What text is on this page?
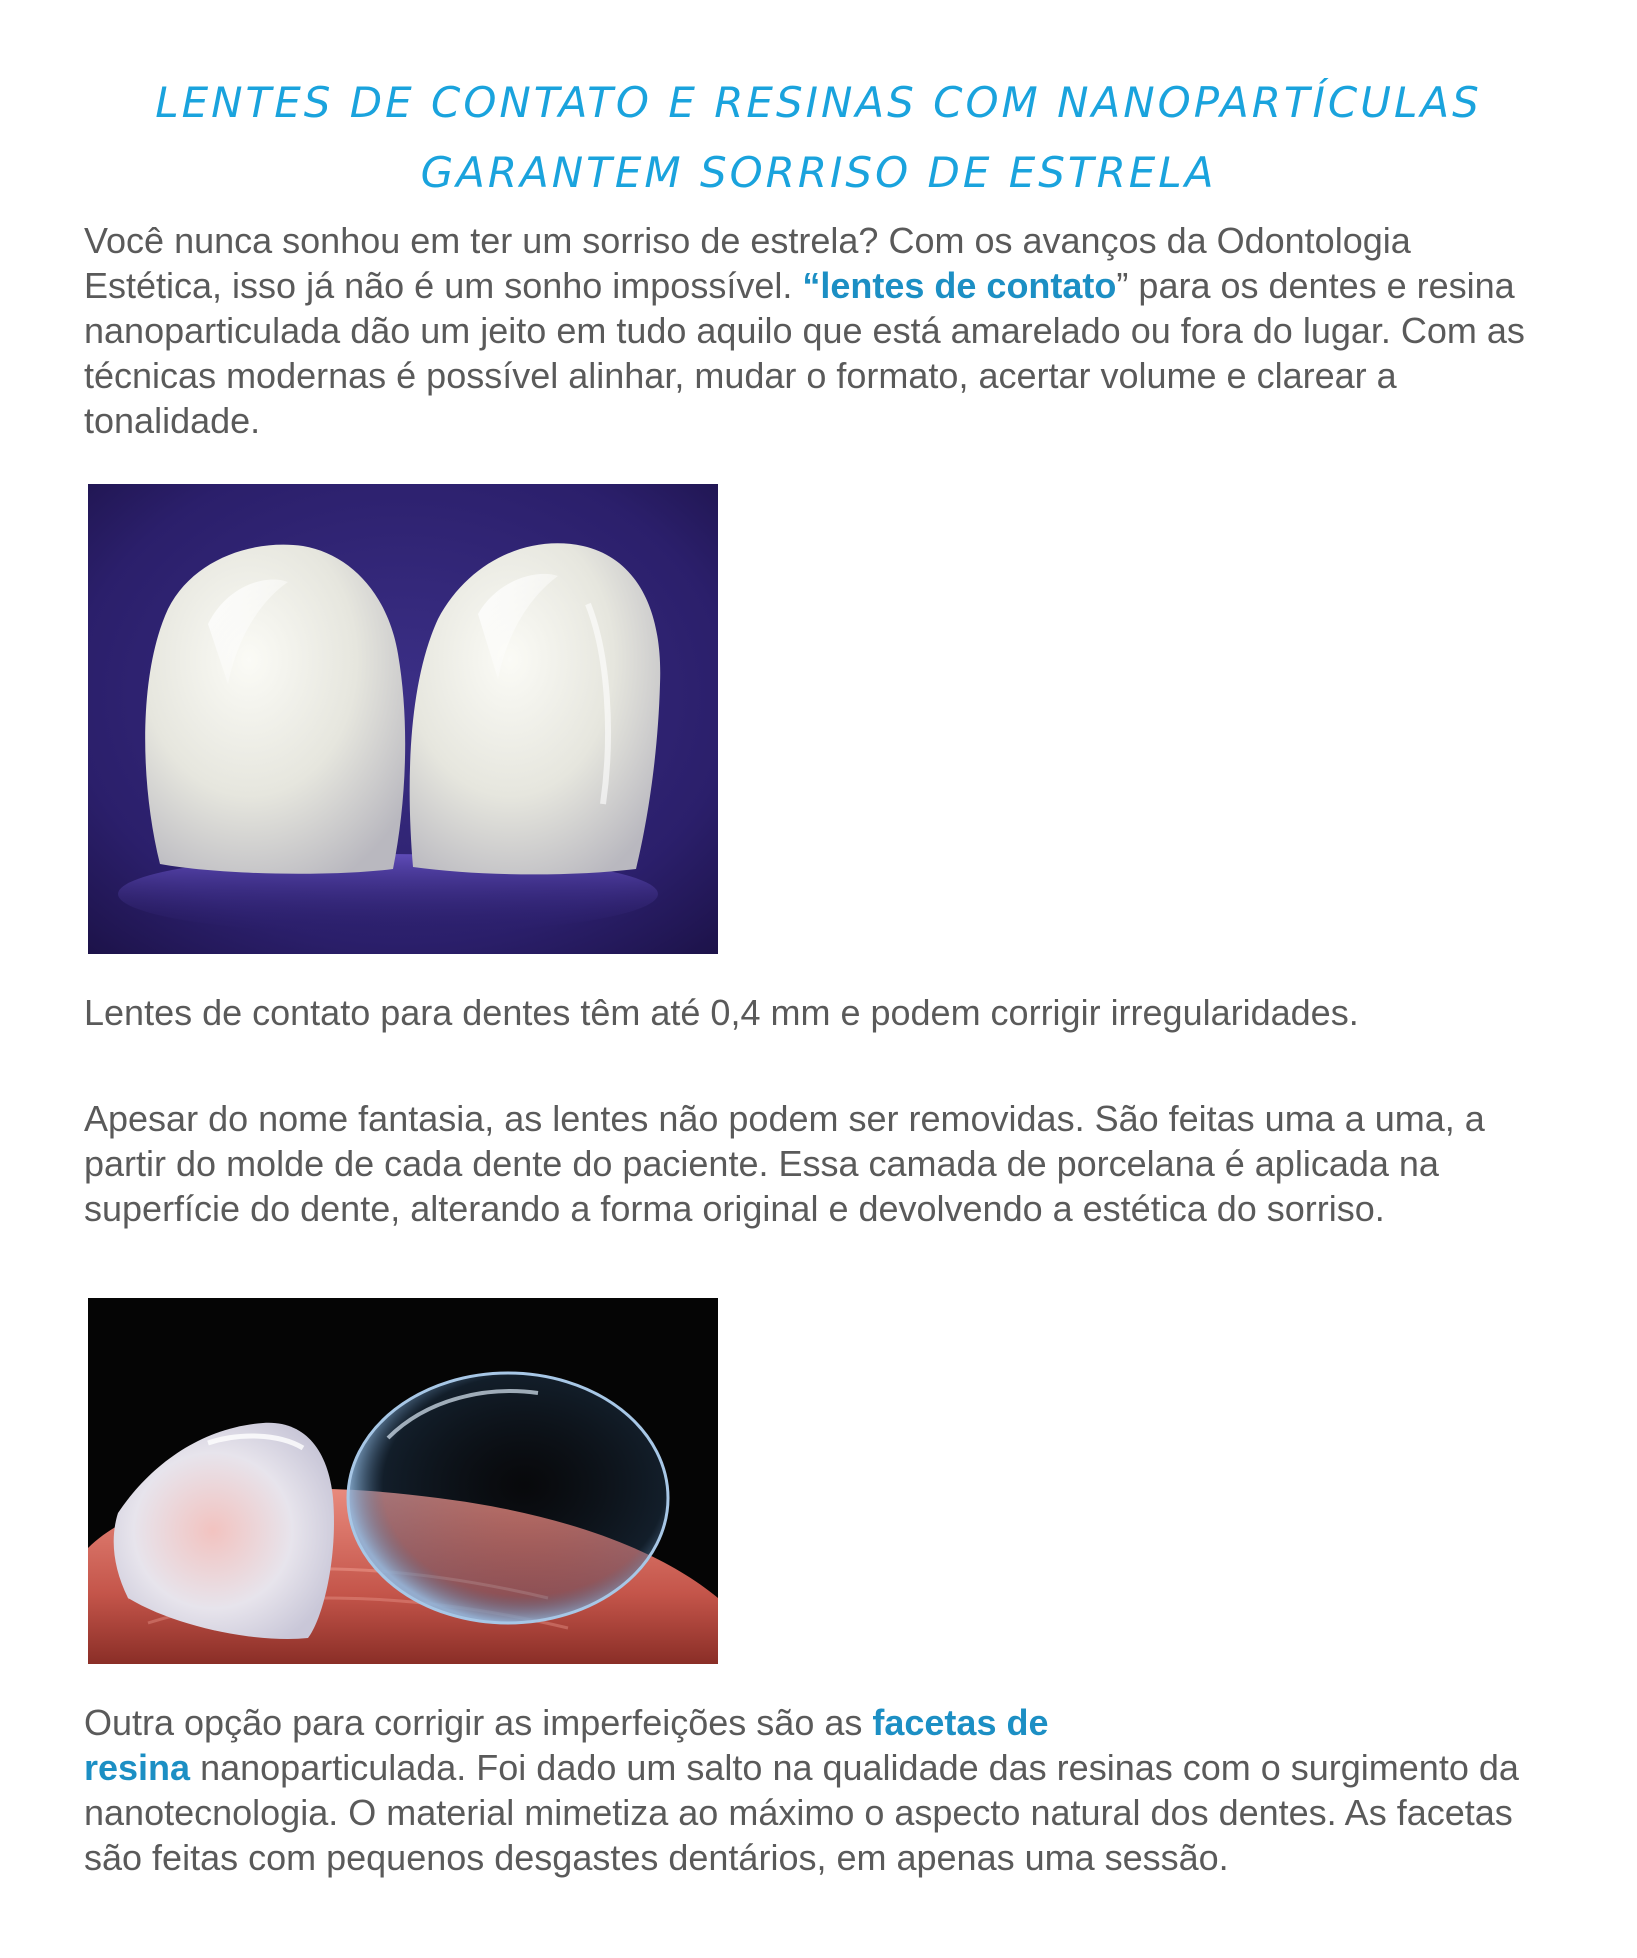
LENTES DE CONTATO E RESINAS COM NANOPARTÍCULAS
GARANTEM SORRISO DE ESTRELA

Você nunca sonhou em ter um sorriso de estrela? Com os avanços da Odontologia Estética, isso já não é um sonho impossível. “lentes de contato” para os dentes e resina nanoparticulada dão um jeito em tudo aquilo que está amarelado ou fora do lugar. Com as técnicas modernas é possível alinhar, mudar o formato, acertar volume e clarear a tonalidade.

Lentes de contato para dentes têm até 0,4 mm e podem corrigir irregularidades.

Apesar do nome fantasia, as lentes não podem ser removidas. São feitas uma a uma, a partir do molde de cada dente do paciente. Essa camada de porcelana é aplicada na superfície do dente, alterando a forma original e devolvendo a estética do sorriso.

Outra opção para corrigir as imperfeições são as facetas de
resina nanoparticulada. Foi dado um salto na qualidade das resinas com o surgimento da nanotecnologia. O material mimetiza ao máximo o aspecto natural dos dentes. As facetas são feitas com pequenos desgastes dentários, em apenas uma sessão.
